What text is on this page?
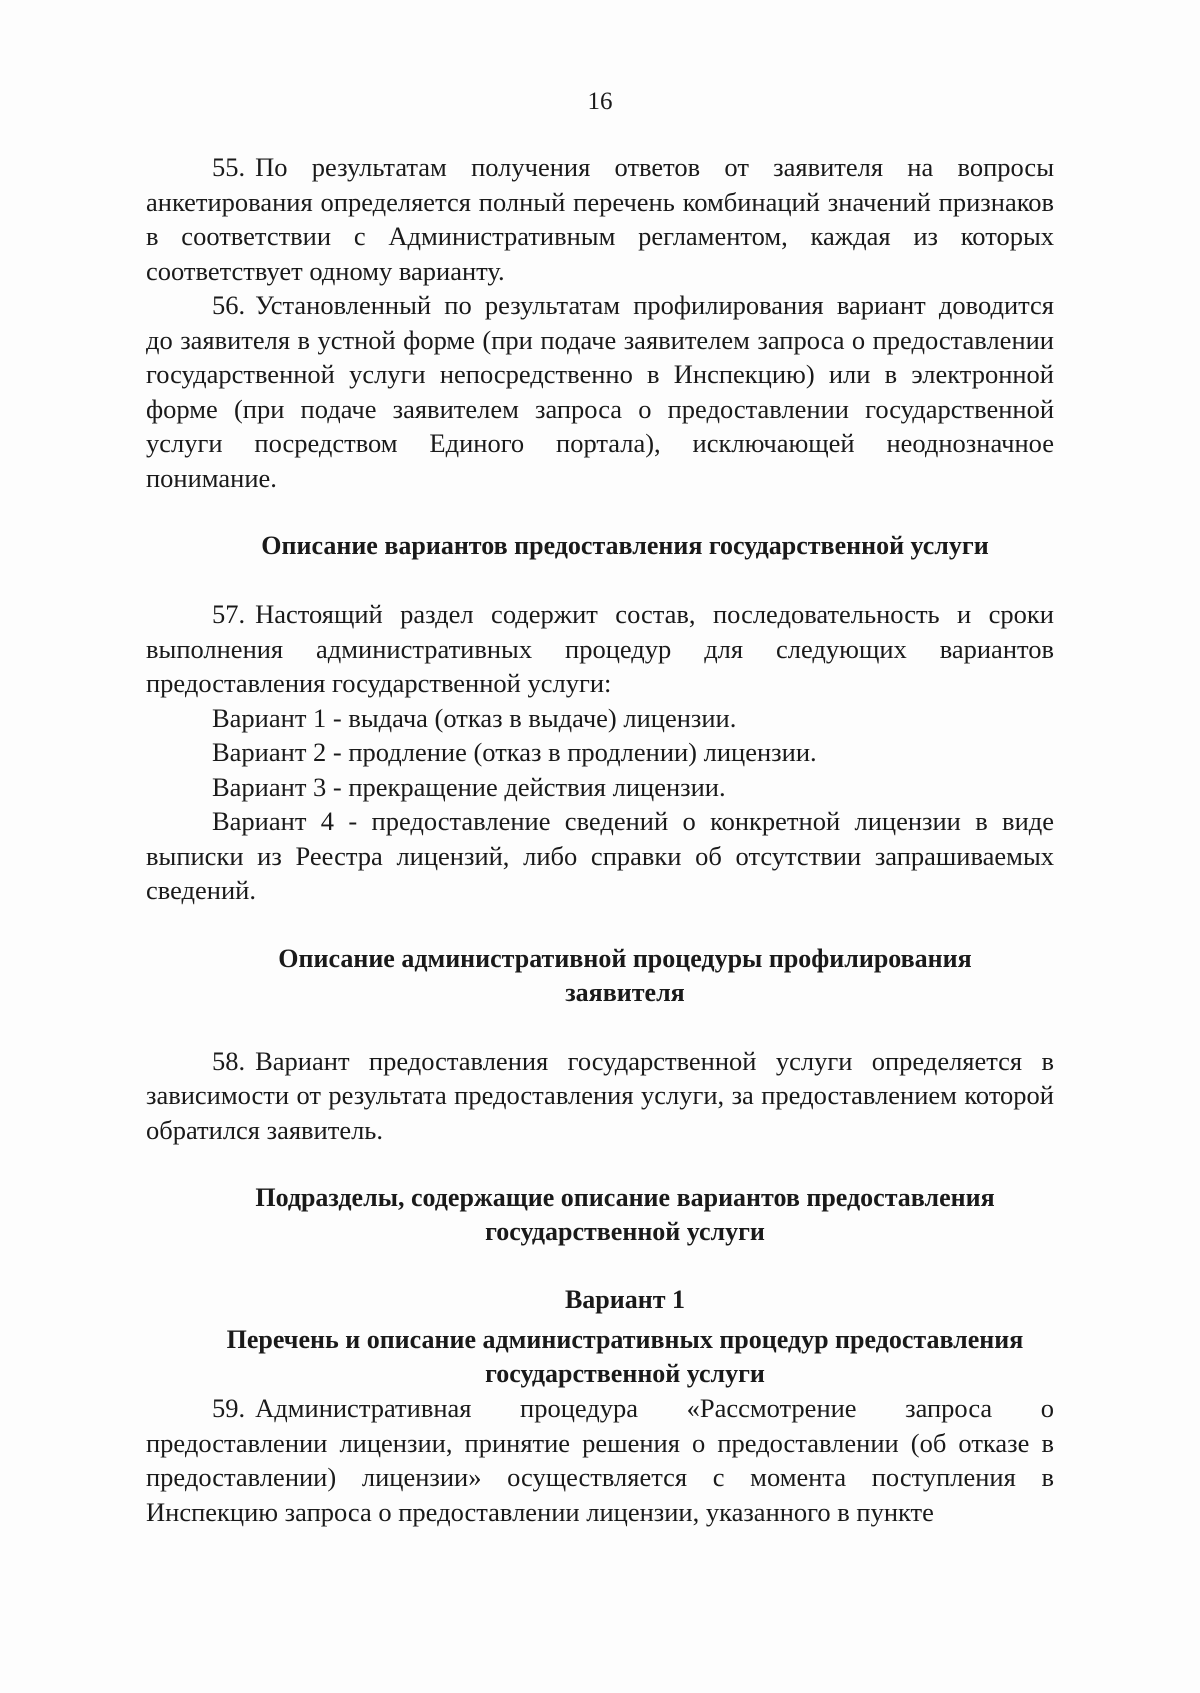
16

55. По результатам получения ответов от заявителя на вопросы анкетирования определяется полный перечень комбинаций значений признаков в соответствии с Административным регламентом, каждая из которых соответствует одному варианту.

56. Установленный по результатам профилирования вариант доводится до заявителя в устной форме (при подаче заявителем запроса о предоставлении государственной услуги непосредственно в Инспекцию) или в электронной форме (при подаче заявителем запроса о предоставлении государственной услуги посредством Единого портала), исключающей неоднозначное понимание.

Описание вариантов предоставления государственной услуги

57. Настоящий раздел содержит состав, последовательность и сроки выполнения административных процедур для следующих вариантов предоставления государственной услуги:

Вариант 1 - выдача (отказ в выдаче) лицензии.

Вариант 2 - продление (отказ в продлении) лицензии.

Вариант 3 - прекращение действия лицензии.

Вариант 4 - предоставление сведений о конкретной лицензии в виде выписки из Реестра лицензий, либо справки об отсутствии запрашиваемых сведений.

Описание административной процедуры профилирования

заявителя

58. Вариант предоставления государственной услуги определяется в зависимости от результата предоставления услуги, за предоставлением которой обратился заявитель.

Подразделы, содержащие описание вариантов предоставления

государственной услуги

Вариант 1

Перечень и описание административных процедур предоставления

государственной услуги

59. Административная процедура «Рассмотрение запроса о предоставлении лицензии, принятие решения о предоставлении (об отказе в предоставлении) лицензии» осуществляется с момента поступления в Инспекцию запроса о предоставлении лицензии, указанного в пункте
